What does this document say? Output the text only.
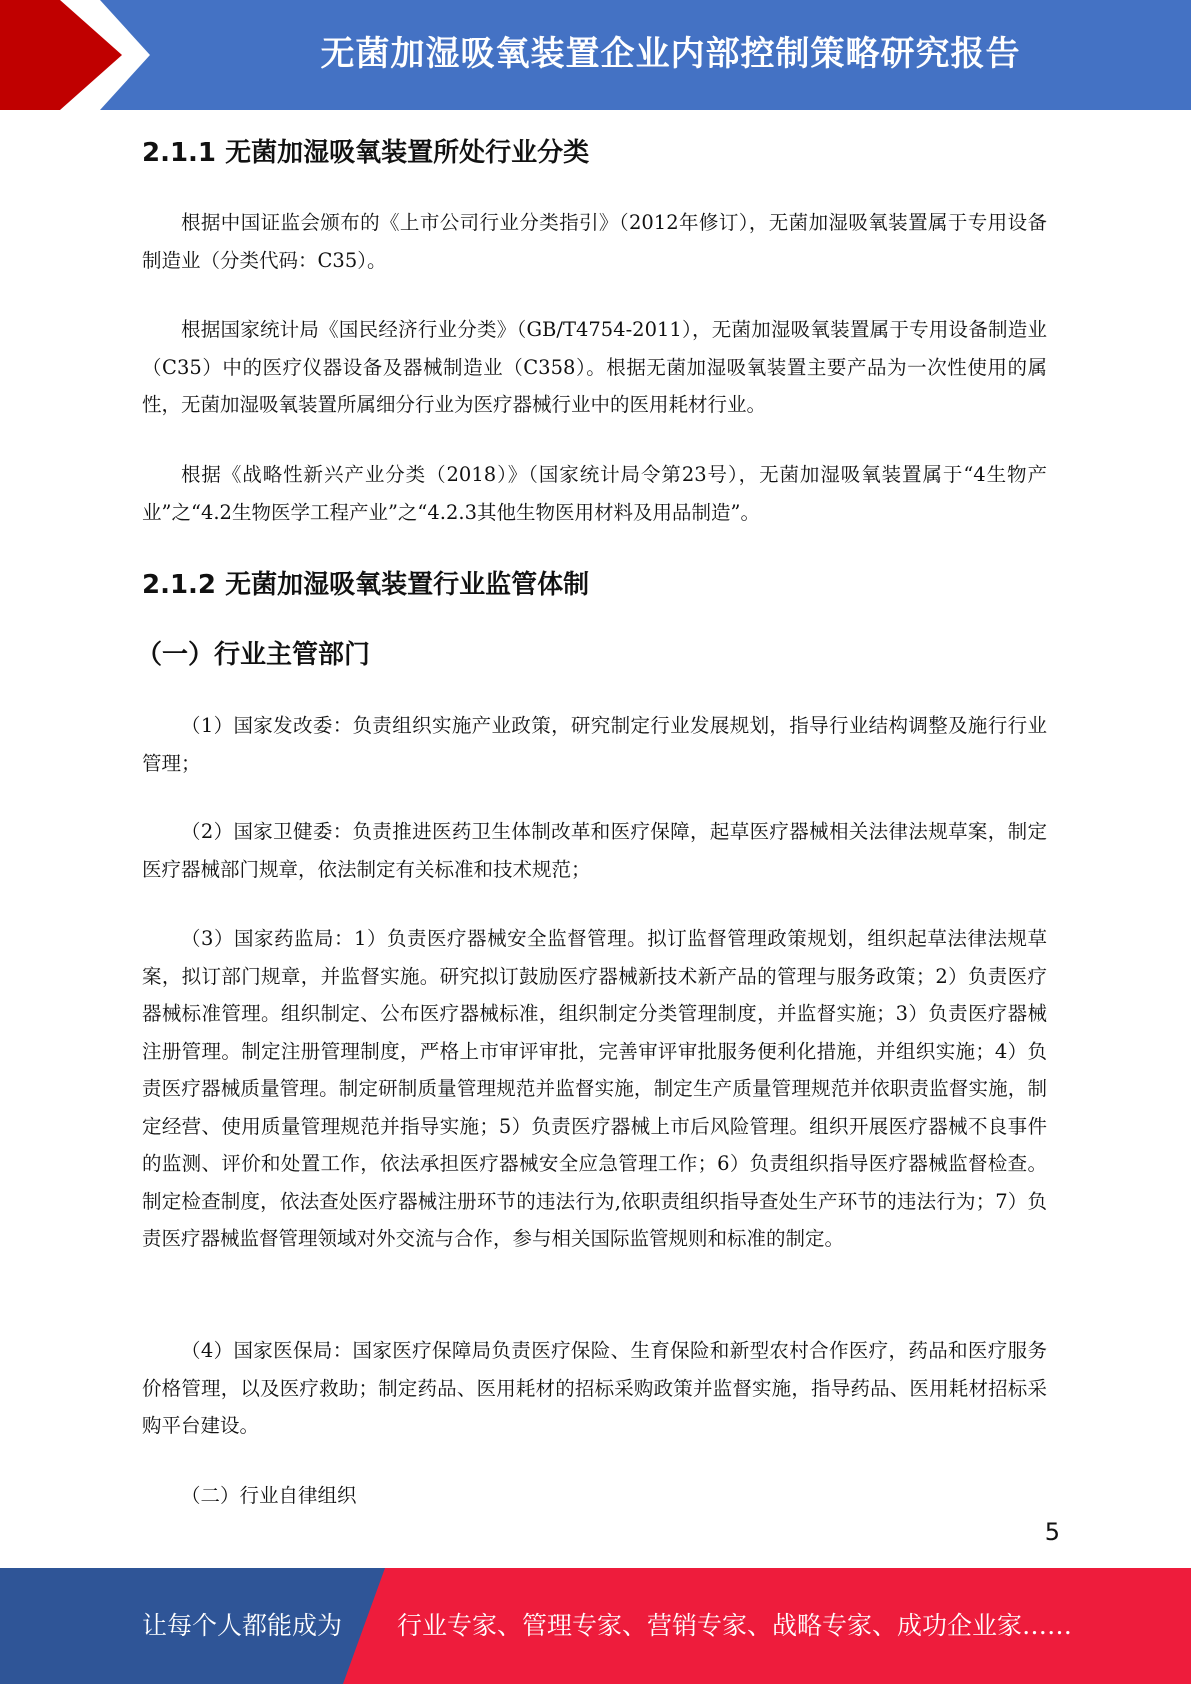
无菌加湿吸氧装置企业内部控制策略研究报告
2.1.1 无菌加湿吸氧装置所处行业分类

根据中国证监会颁布的《上市公司行业分类指引》（2012年修订），无菌加湿吸氧装置属于专用设备制造业（分类代码：C35）。

根据国家统计局《国民经济行业分类》（GB/T4754-2011），无菌加湿吸氧装置属于专用设备制造业（C35）中的医疗仪器设备及器械制造业（C358）。根据无菌加湿吸氧装置主要产品为一次性使用的属性，无菌加湿吸氧装置所属细分行业为医疗器械行业中的医用耗材行业。

根据《战略性新兴产业分类（2018）》（国家统计局令第23号），无菌加湿吸氧装置属于“4生物产业”之“4.2生物医学工程产业”之“4.2.3其他生物医用材料及用品制造”。

2.1.2 无菌加湿吸氧装置行业监管体制
（一）行业主管部门

（1）国家发改委：负责组织实施产业政策，研究制定行业发展规划，指导行业结构调整及施行行业管理；

（2）国家卫健委：负责推进医药卫生体制改革和医疗保障，起草医疗器械相关法律法规草案，制定医疗器械部门规章，依法制定有关标准和技术规范；

（3）国家药监局：1）负责医疗器械安全监督管理。拟订监督管理政策规划，组织起草法律法规草案，拟订部门规章，并监督实施。研究拟订鼓励医疗器械新技术新产品的管理与服务政策；2）负责医疗器械标准管理。组织制定、公布医疗器械标准，组织制定分类管理制度，并监督实施；3）负责医疗器械注册管理。制定注册管理制度，严格上市审评审批，完善审评审批服务便利化措施，并组织实施；4）负责医疗器械质量管理。制定研制质量管理规范并监督实施，制定生产质量管理规范并依职责监督实施，制定经营、使用质量管理规范并指导实施；5）负责医疗器械上市后风险管理。组织开展医疗器械不良事件的监测、评价和处置工作，依法承担医疗器械安全应急管理工作；6）负责组织指导医疗器械监督检查。制定检查制度，依法查处医疗器械注册环节的违法行为,依职责组织指导查处生产环节的违法行为；7）负责医疗器械监督管理领域对外交流与合作，参与相关国际监管规则和标准的制定。

（4）国家医保局：国家医疗保障局负责医疗保险、生育保险和新型农村合作医疗，药品和医疗服务价格管理，以及医疗救助；制定药品、医用耗材的招标采购政策并监督实施，指导药品、医用耗材招标采购平台建设。

（二）行业自律组织

5
让每个人都能成为 行业专家、管理专家、营销专家、战略专家、成功企业家……
